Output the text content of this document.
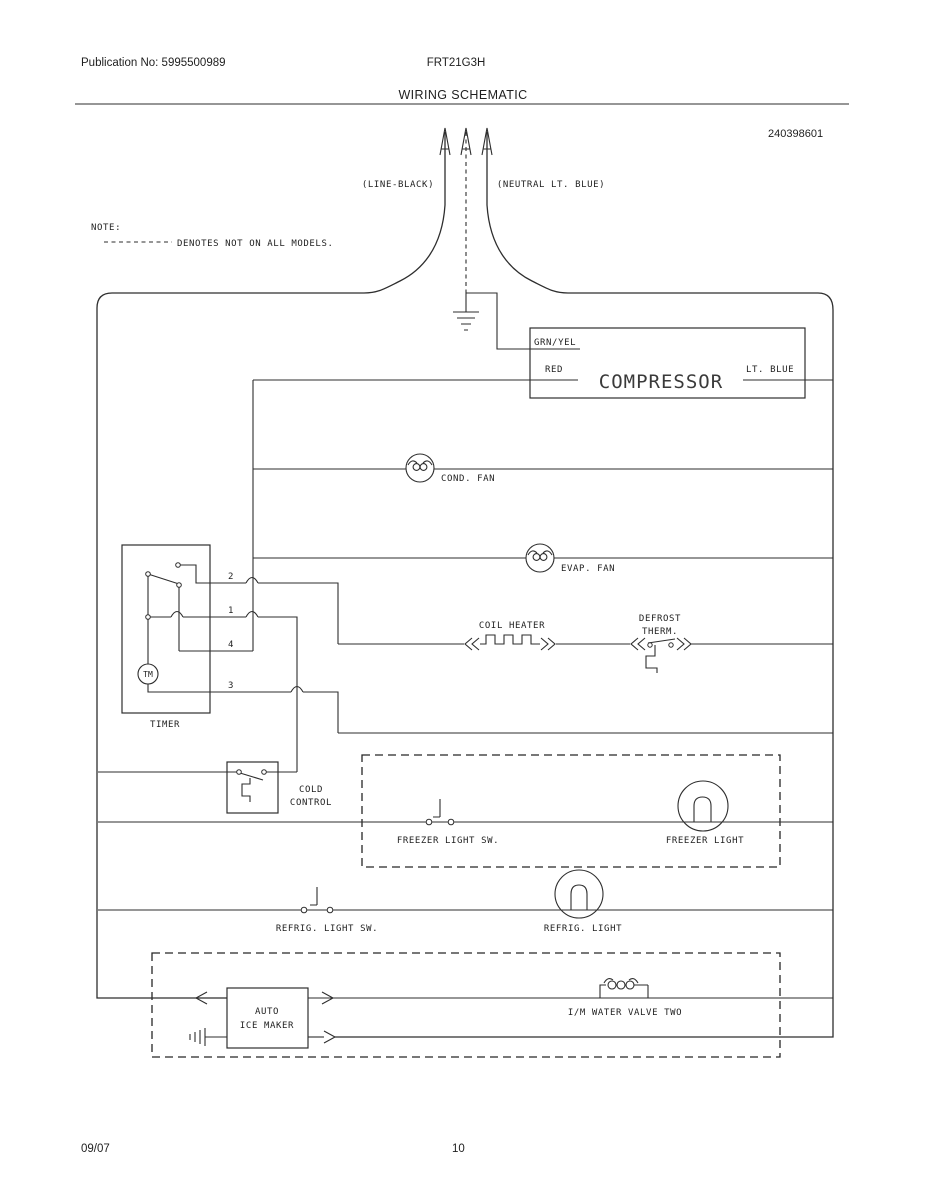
Publication No: 5995500989	FRT21G3H
WIRING SCHEMATIC
240398601
NOTE:
DENOTES NOT ON ALL MODELS.
(LINE-BLACK)	(NEUTRAL LT. BLUE)
GRN/YEL
RED	LT. BLUE
COMPRESSOR
COND. FAN
EVAP. FAN
COIL HEATER
DEFROST
THERM.
2
1
4
3
TM
TIMER
COLD
CONTROL
FREEZER LIGHT SW.	FREEZER LIGHT
REFRIG. LIGHT SW.	REFRIG. LIGHT
AUTO
ICE MAKER
I/M WATER VALVE TWO
09/07	10
